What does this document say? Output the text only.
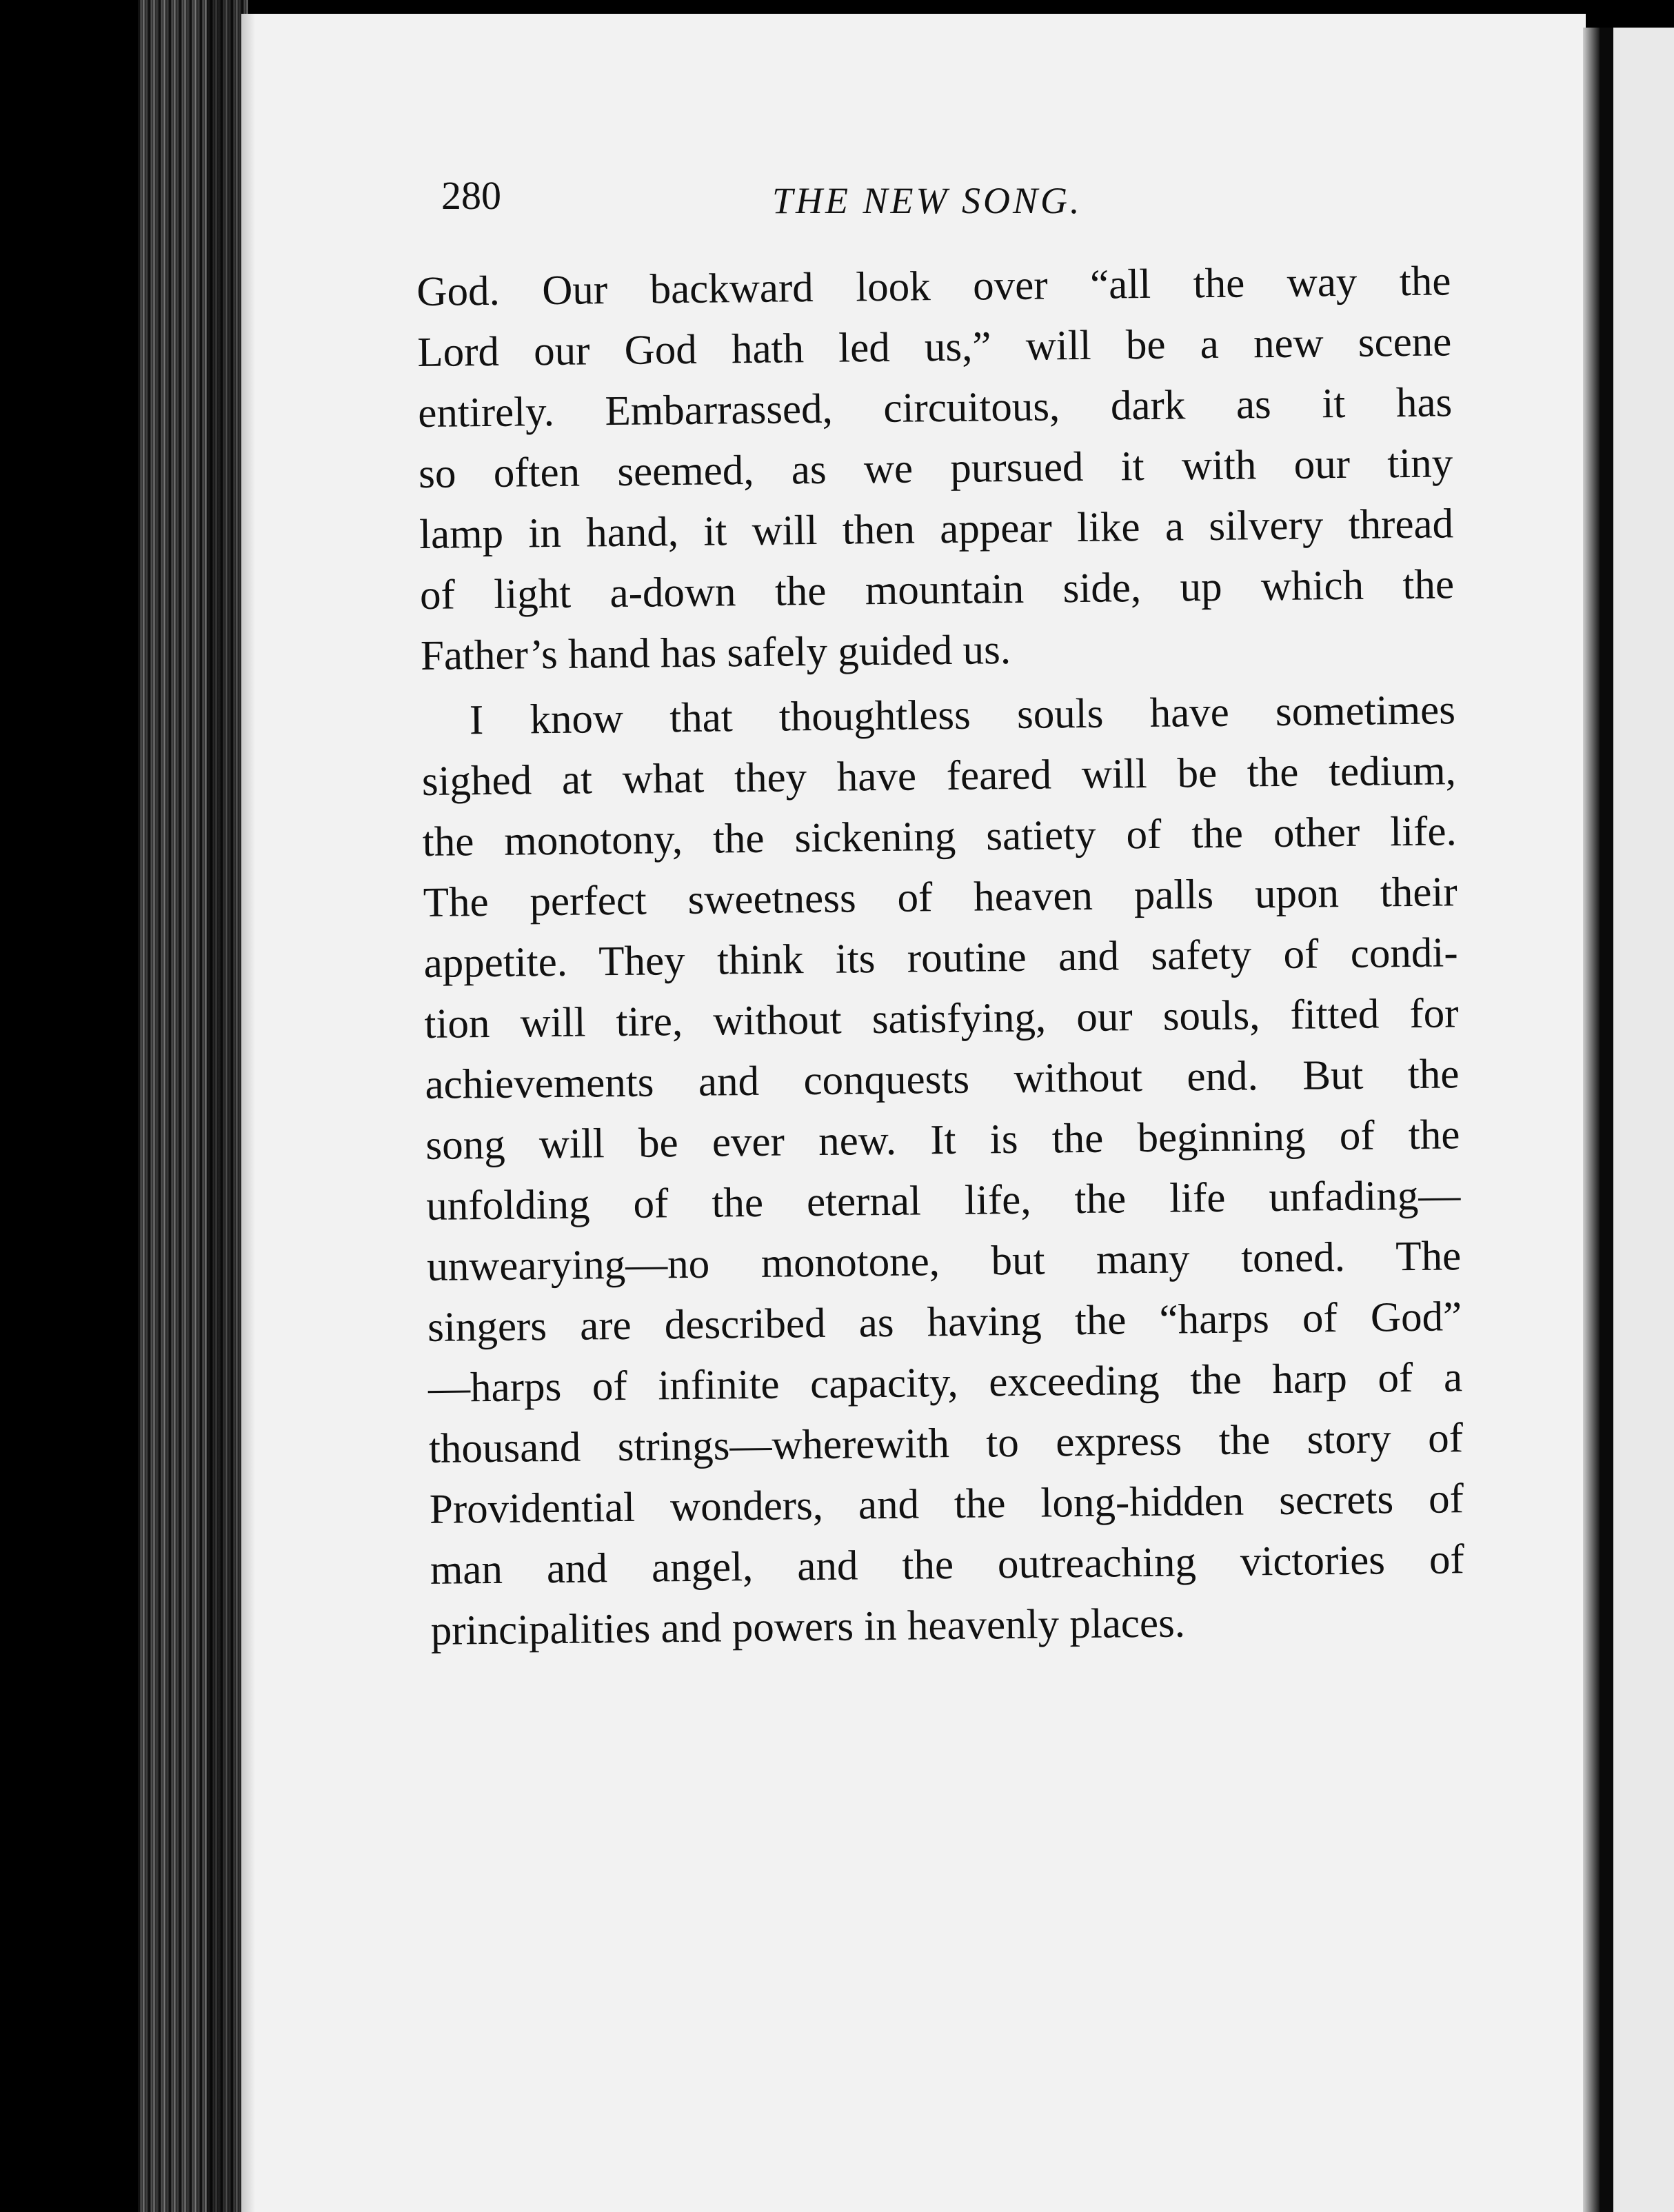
280	THE NEW SONG.
God. Our backward look over “all the way the
Lord our God hath led us,” will be a new scene
entirely. Embarrassed, circuitous, dark as it has
so often seemed, as we pursued it with our tiny
lamp in hand, it will then appear like a silvery thread
of light a-down the mountain side, up which the
Father’s hand has safely guided us.
I know that thoughtless souls have sometimes
sighed at what they have feared will be the tedium,
the monotony, the sickening satiety of the other life.
The perfect sweetness of heaven palls upon their
appetite. They think its routine and safety of condi-
tion will tire, without satisfying, our souls, fitted for
achievements and conquests without end. But the
song will be ever new. It is the beginning of the
unfolding of the eternal life, the life unfading—
unwearying—no monotone, but many toned. The
singers are described as having the “harps of God”
—harps of infinite capacity, exceeding the harp of a
thousand strings—wherewith to express the story of
Providential wonders, and the long-hidden secrets of
man and angel, and the outreaching victories of
principalities and powers in heavenly places.
